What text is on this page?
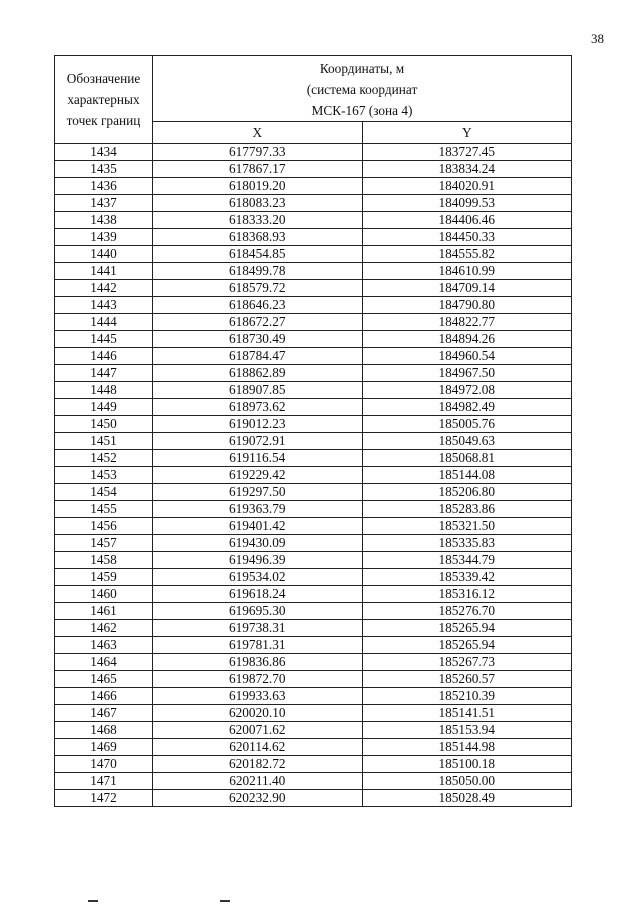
38
Обозначение
характерных
точек границ	Координаты, м
(система координат
МСК-167 (зона 4)	

	X	Y
1434	617797.33	183727.45
1435	617867.17	183834.24
1436	618019.20	184020.91
1437	618083.23	184099.53
1438	618333.20	184406.46
1439	618368.93	184450.33
1440	618454.85	184555.82
1441	618499.78	184610.99
1442	618579.72	184709.14
1443	618646.23	184790.80
1444	618672.27	184822.77
1445	618730.49	184894.26
1446	618784.47	184960.54
1447	618862.89	184967.50
1448	618907.85	184972.08
1449	618973.62	184982.49
1450	619012.23	185005.76
1451	619072.91	185049.63
1452	619116.54	185068.81
1453	619229.42	185144.08
1454	619297.50	185206.80
1455	619363.79	185283.86
1456	619401.42	185321.50
1457	619430.09	185335.83
1458	619496.39	185344.79
1459	619534.02	185339.42
1460	619618.24	185316.12
1461	619695.30	185276.70
1462	619738.31	185265.94
1463	619781.31	185265.94
1464	619836.86	185267.73
1465	619872.70	185260.57
1466	619933.63	185210.39
1467	620020.10	185141.51
1468	620071.62	185153.94
1469	620114.62	185144.98
1470	620182.72	185100.18
1471	620211.40	185050.00
1472	620232.90	185028.49
